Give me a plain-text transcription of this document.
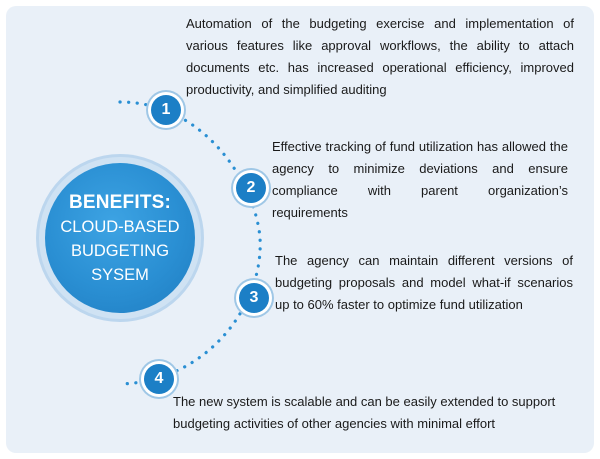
BENEFITS:
CLOUD-BASED
BUDGETING
SYSEM
1
2
3
4
Automation of the budgeting exercise and implementation of various features like approval workflows, the ability to attach documents etc. has increased operational efficiency, improved productivity, and simplified auditing
Effective tracking of fund utilization has allowed the agency to minimize deviations and ensure compliance with parent organization’s requirements
The agency can maintain different versions of budgeting proposals and model what-if scenarios up to 60% faster to optimize fund utilization
The new system is scalable and can be easily extended to support budgeting activities of other agencies with minimal effort
